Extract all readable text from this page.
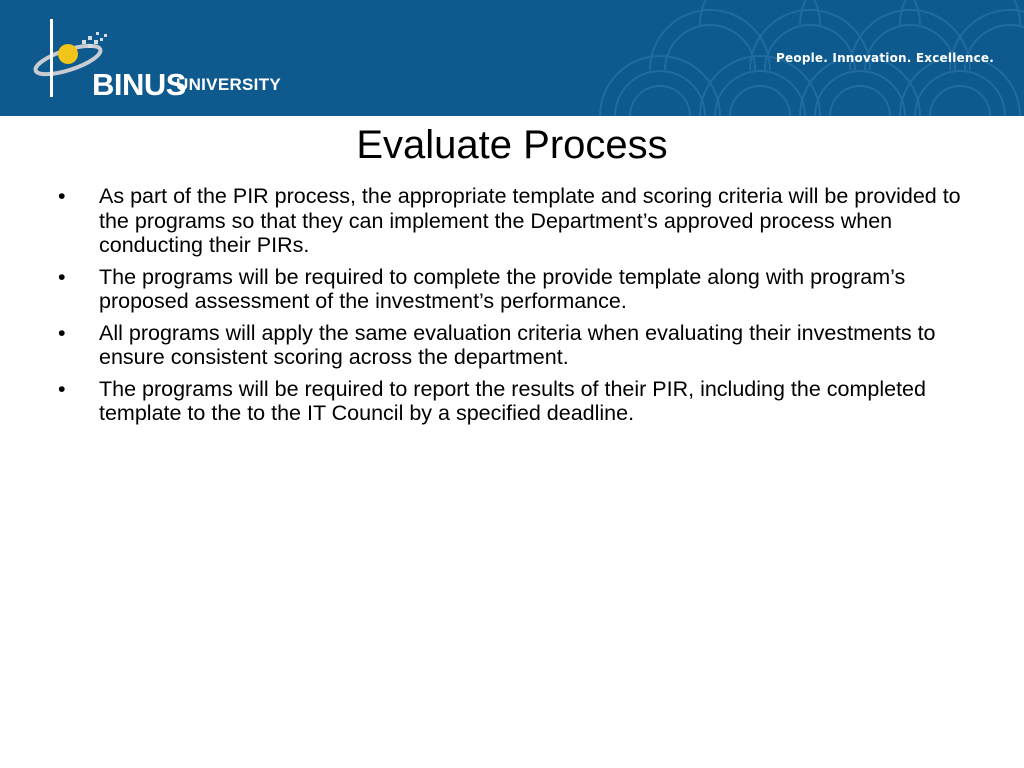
BINUS
UNIVERSITY
People. Innovation. Excellence.
Evaluate Process
• As part of the PIR process, the appropriate template and scoring criteria will be provided to the programs so that they can implement the Department’s approved process when conducting their PIRs.
• The programs will be required to complete the provide template along with program’s proposed assessment of the investment’s performance.
• All programs will apply the same evaluation criteria when evaluating their investments to ensure consistent scoring across the department.
• The programs will be required to report the results of their PIR, including the completed template to the to the IT Council by a specified deadline.
